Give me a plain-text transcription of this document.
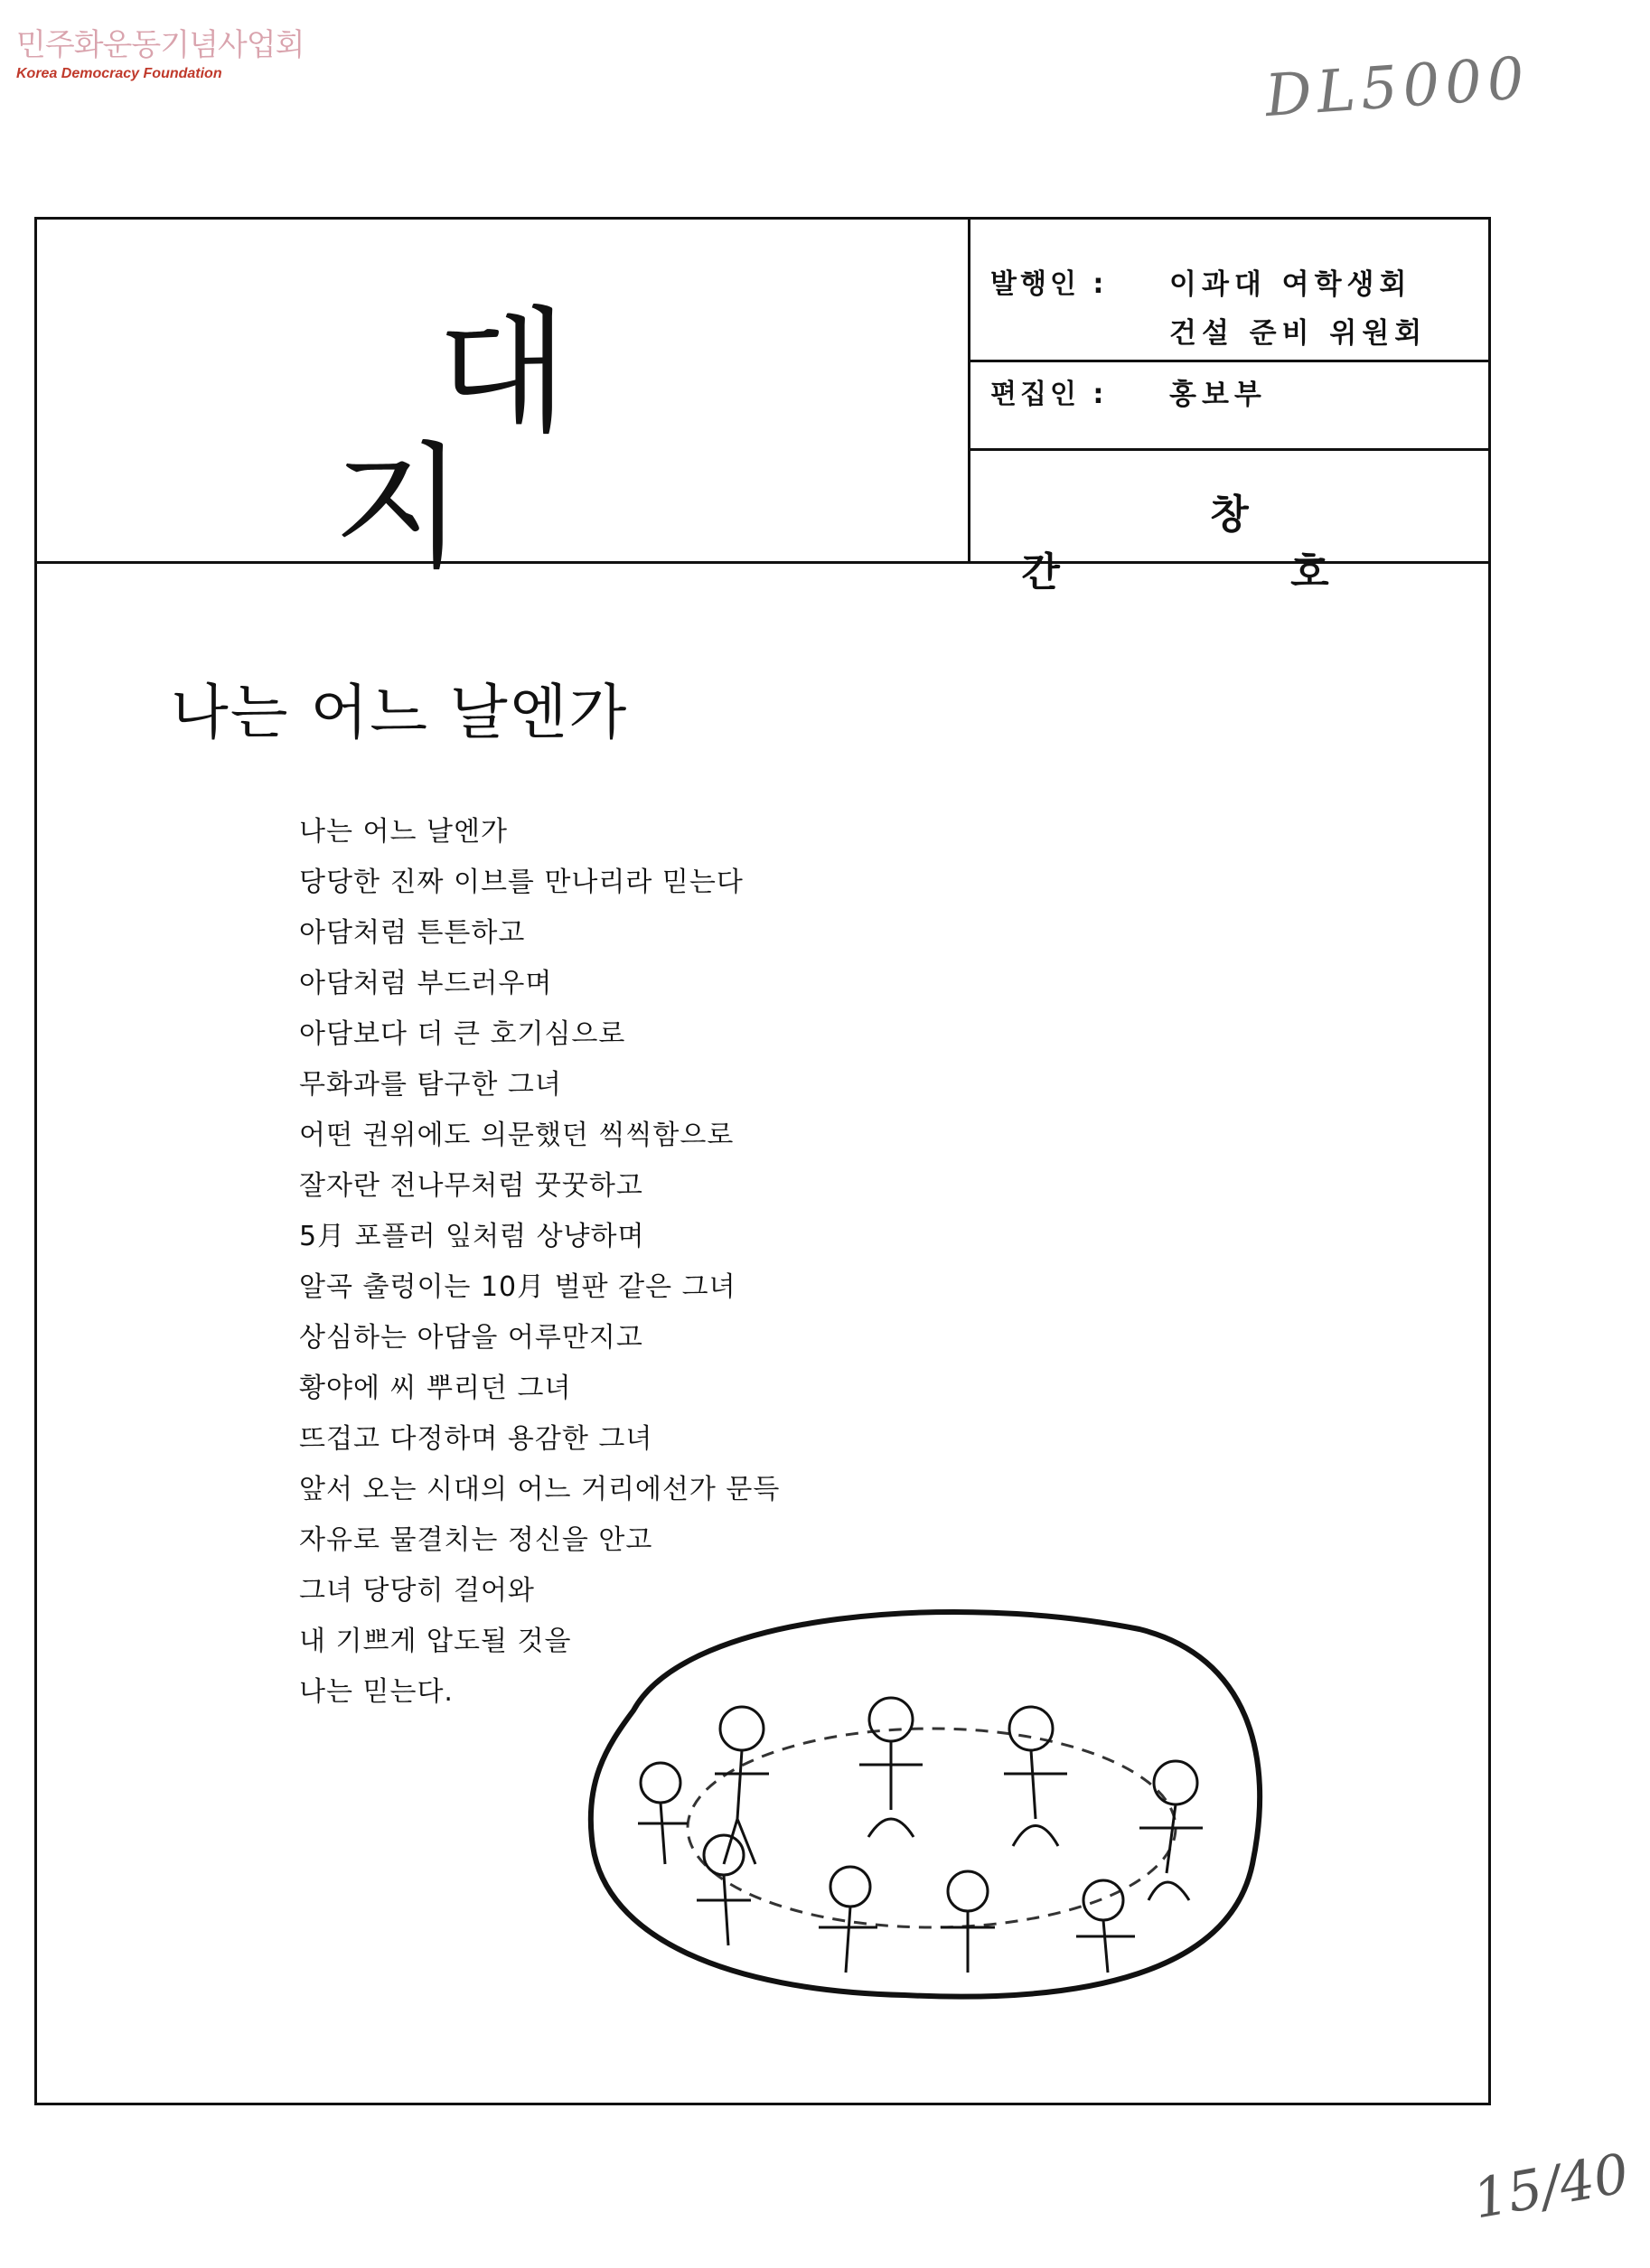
민주화운동기념사업회
Korea Democracy Foundation	DL5000
대 지
발행인 : 이과대 여학생회
건설 준비 위원회
편집인 : 홍보부
창 간 호
나는 어느 날엔가
나는 어느 날엔가
당당한 진짜 이브를 만나리라 믿는다
아담처럼 튼튼하고
아담처럼 부드러우며
아담보다 더 큰 호기심으로
무화과를 탐구한 그녀
어떤 권위에도 의문했던 씩씩함으로
잘자란 전나무처럼 꿋꿋하고
5月 포플러 잎처럼 상냥하며
알곡 출렁이는 10月 벌판 같은 그녀
상심하는 아담을 어루만지고
황야에 씨 뿌리던 그녀
뜨겁고 다정하며 용감한 그녀
앞서 오는 시대의 어느 거리에선가 문득
자유로 물결치는 정신을 안고
그녀 당당히 걸어와
내 기쁘게 압도될 것을
나는 믿는다.
15/40
